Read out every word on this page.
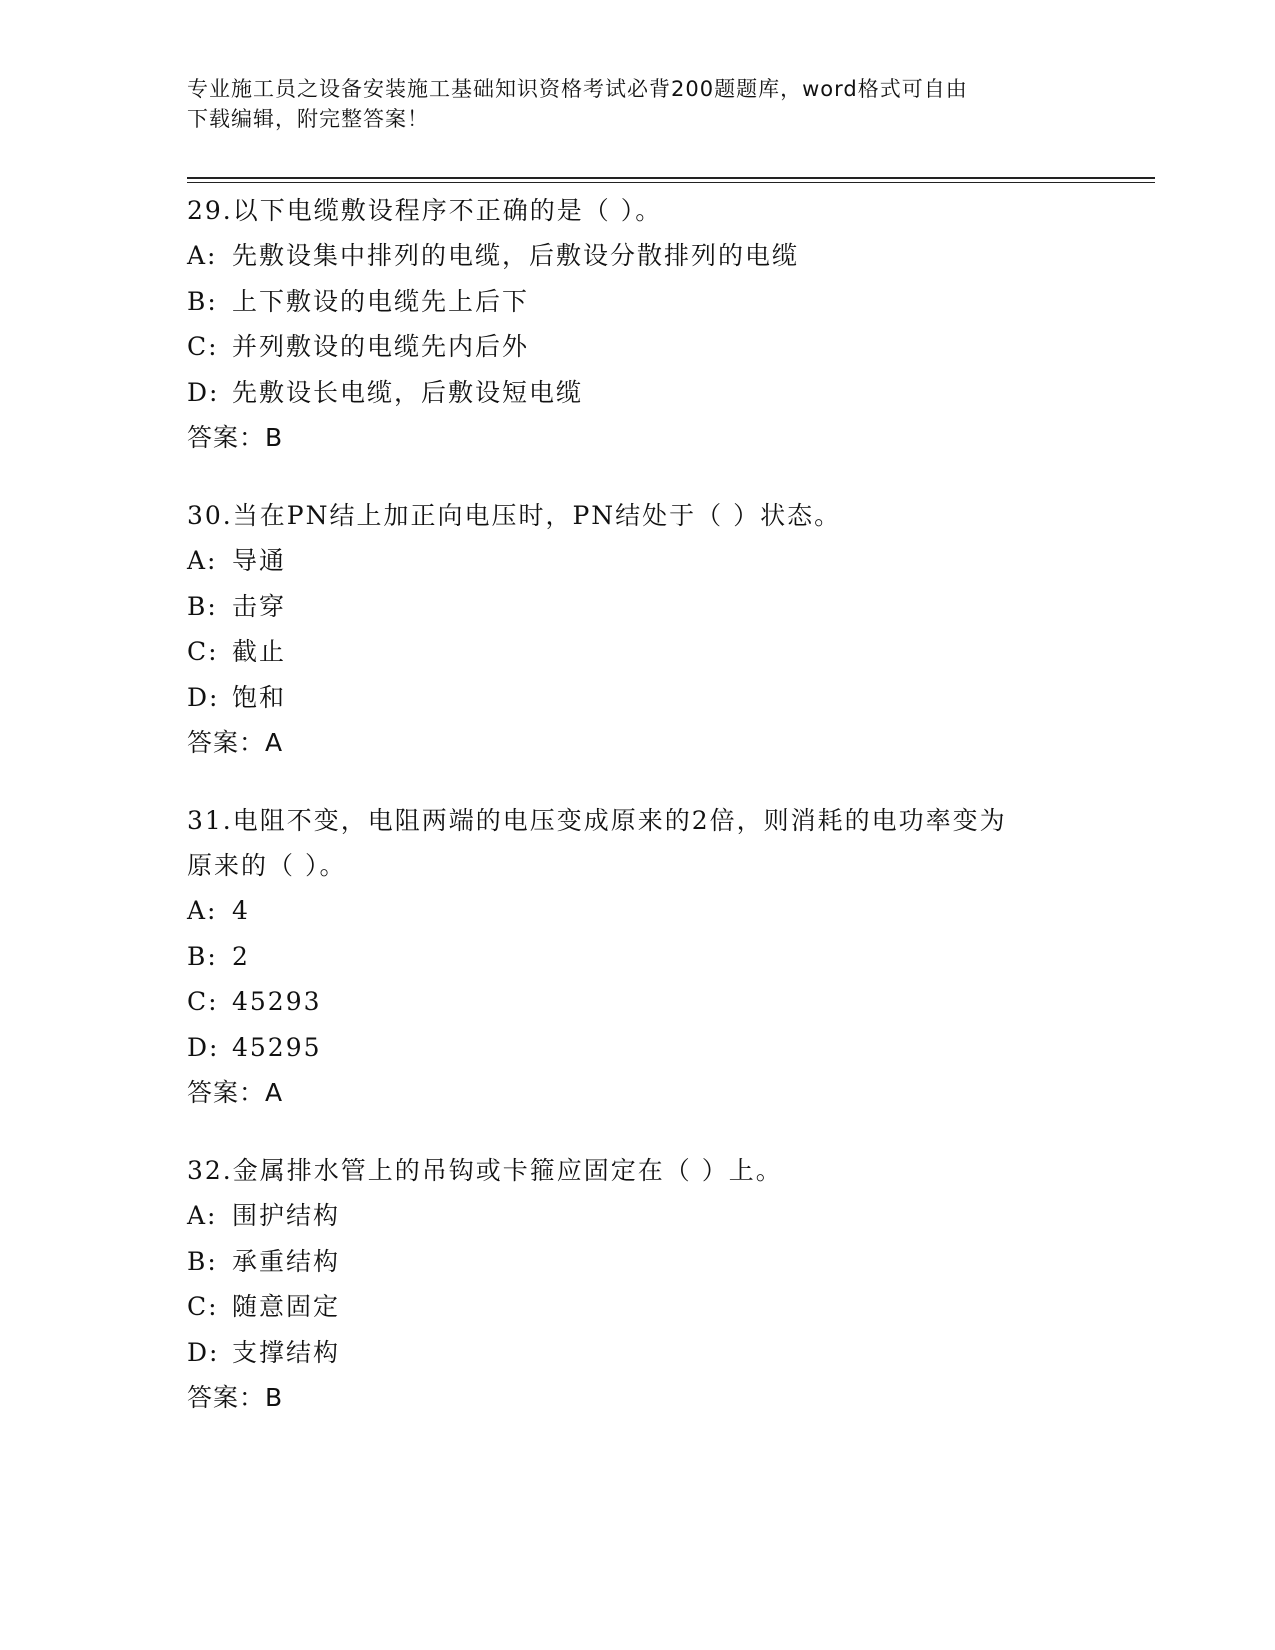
专业施工员之设备安装施工基础知识资格考试必背200题题库，word格式可自由
下载编辑，附完整答案！
29.以下电缆敷设程序不正确的是（ ）。
A: 先敷设集中排列的电缆，后敷设分散排列的电缆
B: 上下敷设的电缆先上后下
C: 并列敷设的电缆先内后外
D: 先敷设长电缆，后敷设短电缆
答案：B
30.当在PN结上加正向电压时，PN结处于（ ）状态。
A: 导通
B: 击穿
C: 截止
D: 饱和
答案：A
31.电阻不变，电阻两端的电压变成原来的2倍，则消耗的电功率变为
原来的（ ）。
A: 4
B: 2
C: 45293
D: 45295
答案：A
32.金属排水管上的吊钩或卡箍应固定在（ ）上。
A: 围护结构
B: 承重结构
C: 随意固定
D: 支撑结构
答案：B
